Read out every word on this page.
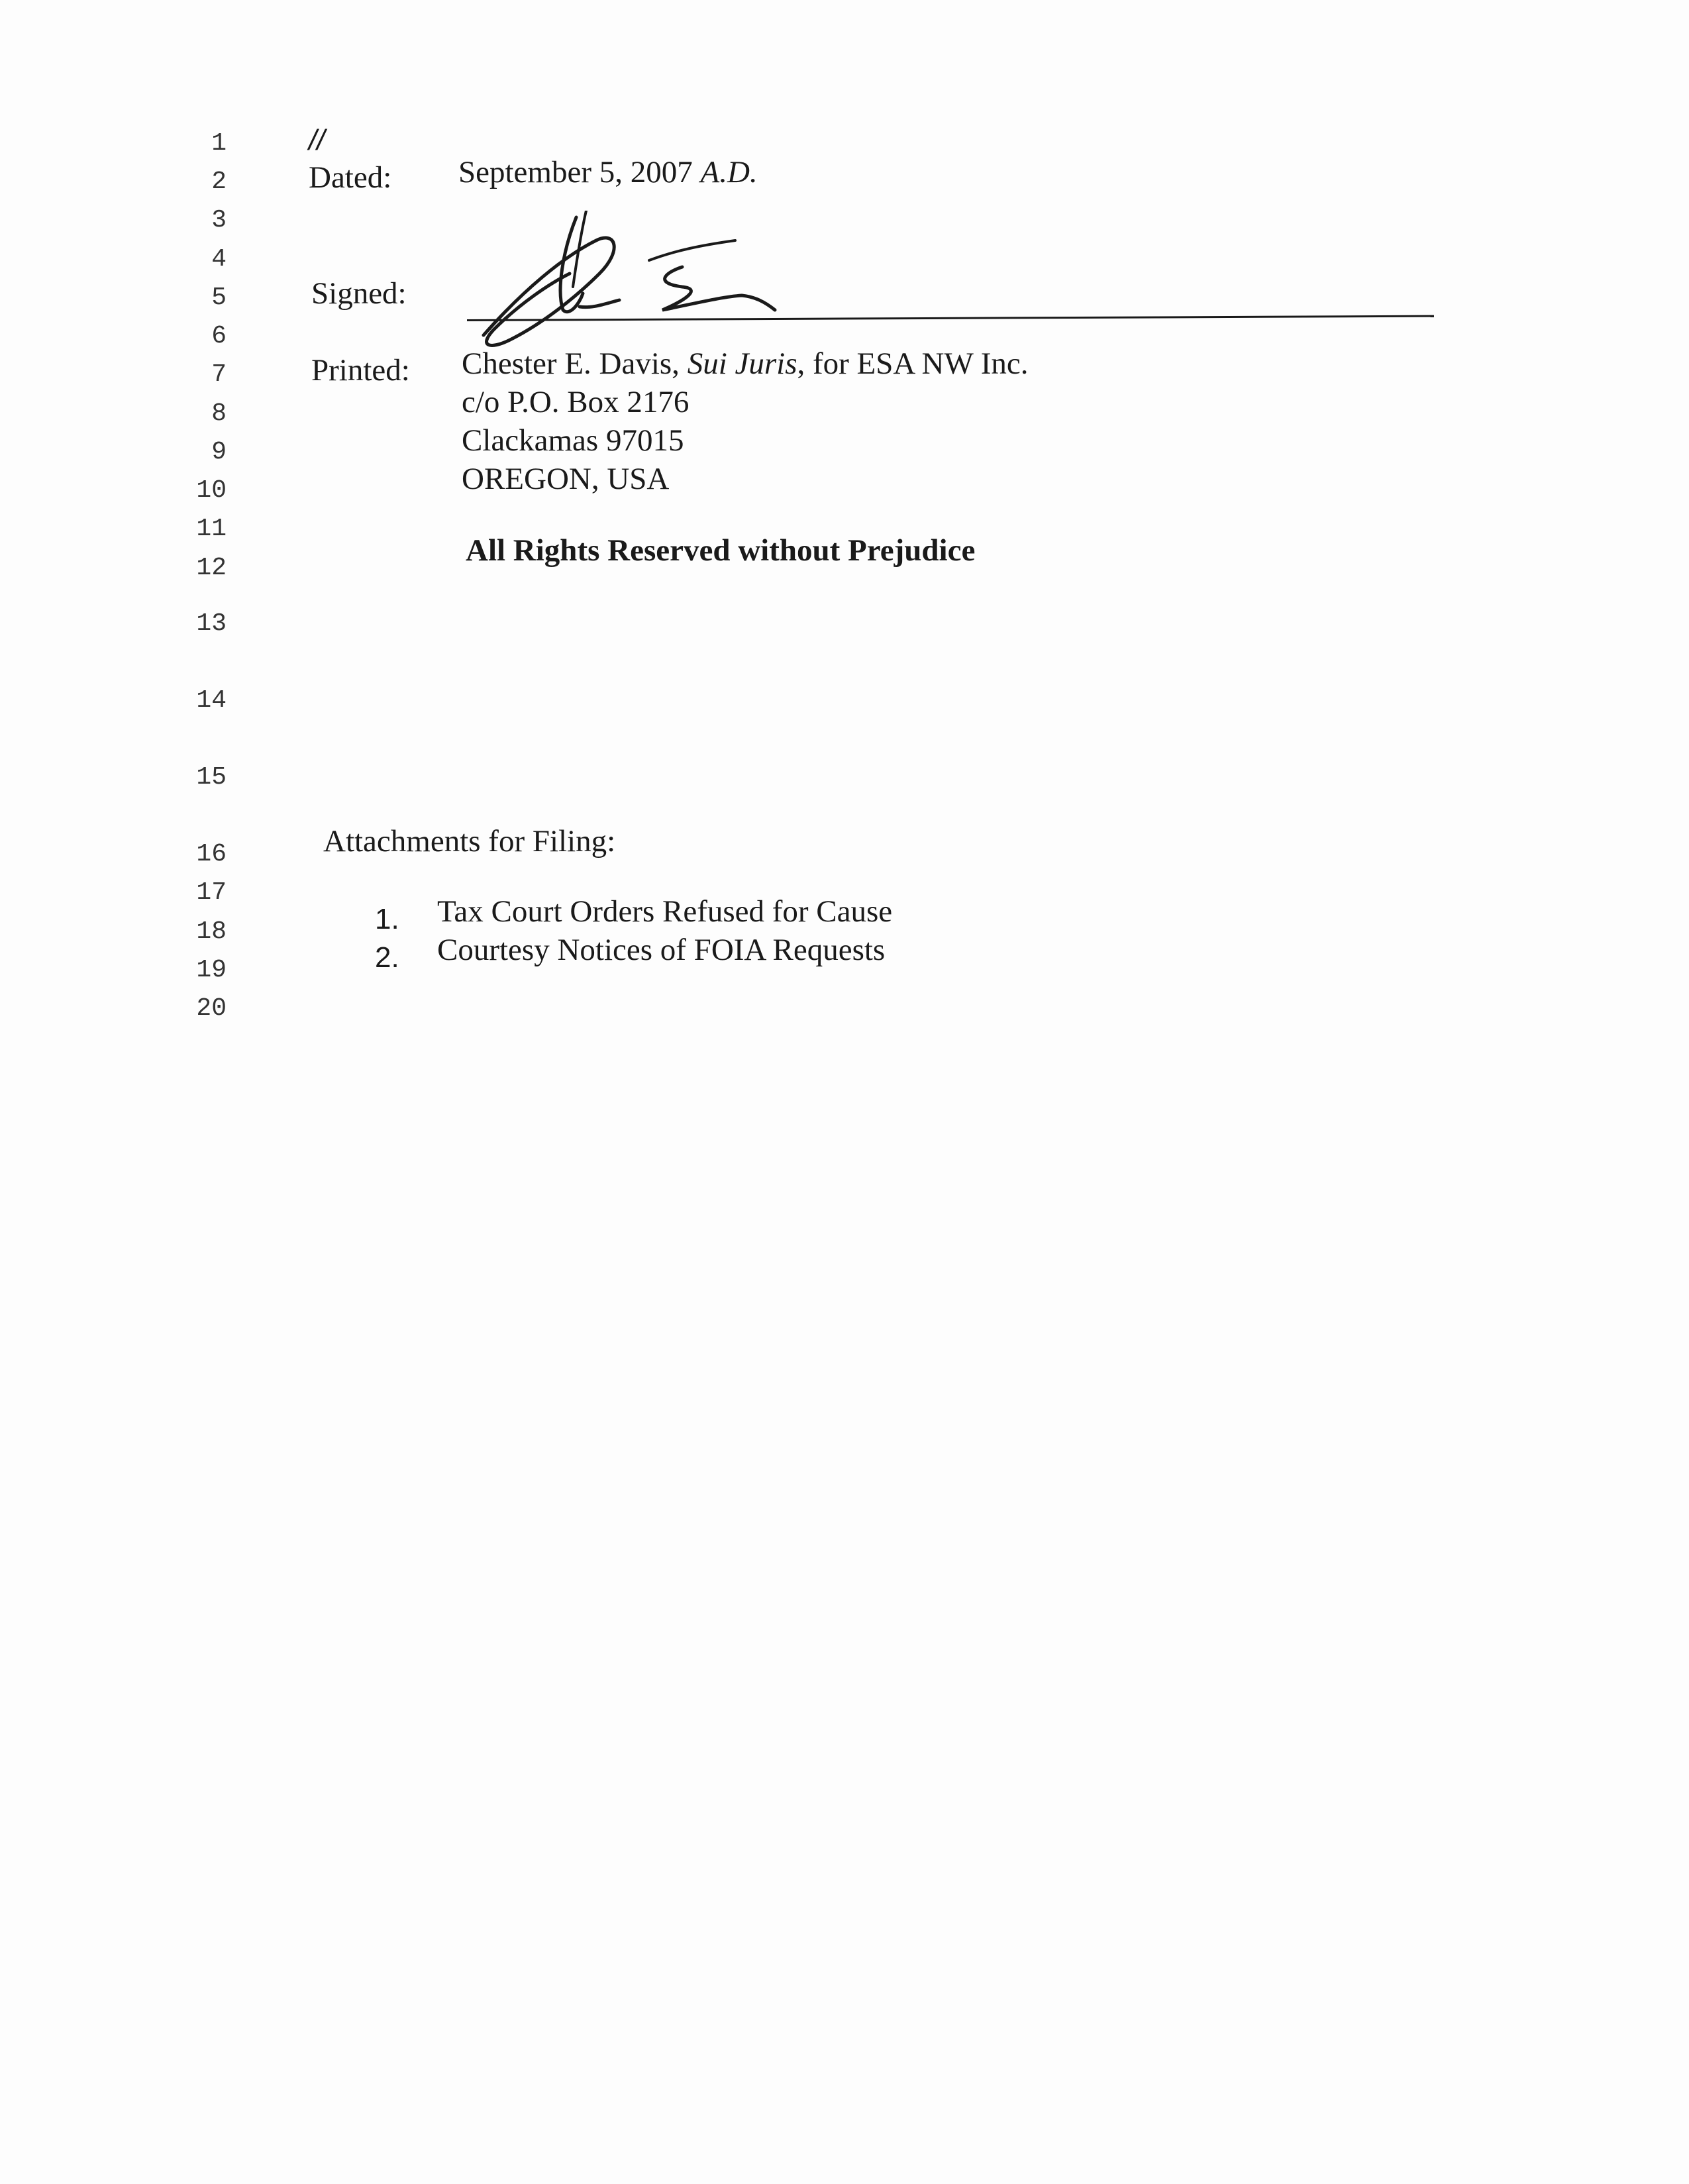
1
2
3
4
5
6
7
8
9
10
11
12
13
14
15
16
17
18
19
20
//
Dated: September 5, 2007 A.D.
Signed:
Printed: Chester E. Davis, Sui Juris, for ESA NW Inc.
c/o P.O. Box 2176
Clackamas 97015
OREGON, USA
All Rights Reserved without Prejudice
Attachments for Filing:
1. Tax Court Orders Refused for Cause
2. Courtesy Notices of FOIA Requests
